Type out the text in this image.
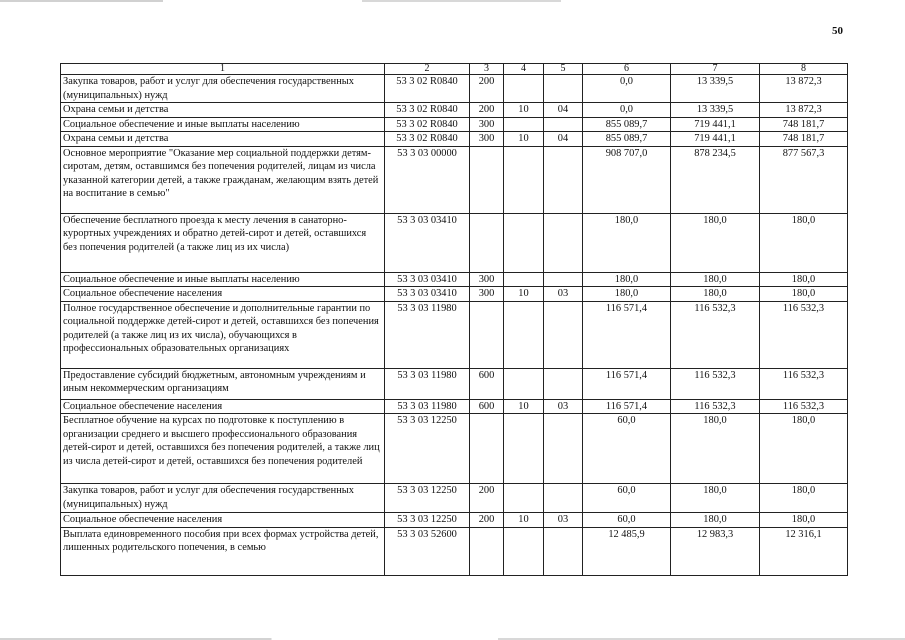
50
1	2	3	4	5	6	7	8
Закупка товаров, работ и услуг для обеспечения государственных (муниципальных) нужд	53 3 02 R0840	200			0,0	13 339,5	13 872,3
Охрана семьи и детства	53 3 02 R0840	200	10	04	0,0	13 339,5	13 872,3
Социальное обеспечение и иные выплаты населению	53 3 02 R0840	300			855 089,7	719 441,1	748 181,7
Охрана семьи и детства	53 3 02 R0840	300	10	04	855 089,7	719 441,1	748 181,7
Основное мероприятие "Оказание мер социальной поддержки детям-сиротам, детям, оставшимся без попечения родителей, лицам из числа указанной категории детей, а также гражданам, желающим взять детей на воспитание в семью"	53 3 03 00000				908 707,0	878 234,5	877 567,3
Обеспечение бесплатного проезда к месту лечения в санаторно-курортных учреждениях и обратно детей-сирот и детей, оставшихся без попечения родителей (а также лиц из их числа)	53 3 03 03410				180,0	180,0	180,0
Социальное обеспечение и иные выплаты населению	53 3 03 03410	300			180,0	180,0	180,0
Социальное обеспечение населения	53 3 03 03410	300	10	03	180,0	180,0	180,0
Полное государственное обеспечение и дополнительные гарантии по социальной поддержке детей-сирот и детей, оставшихся без попечения родителей (а также лиц из их числа), обучающихся в профессиональных образовательных организациях	53 3 03 11980				116 571,4	116 532,3	116 532,3
Предоставление субсидий бюджетным, автономным учреждениям и иным некоммерческим организациям	53 3 03 11980	600			116 571,4	116 532,3	116 532,3
Социальное обеспечение населения	53 3 03 11980	600	10	03	116 571,4	116 532,3	116 532,3
Бесплатное обучение на курсах по подготовке к поступлению в организации среднего и высшего профессионального образования детей-сирот и детей, оставшихся без попечения родителей, а также лиц из числа детей-сирот и детей, оставшихся без попечения родителей	53 3 03 12250				60,0	180,0	180,0
Закупка товаров, работ и услуг для обеспечения государственных (муниципальных) нужд	53 3 03 12250	200			60,0	180,0	180,0
Социальное обеспечение населения	53 3 03 12250	200	10	03	60,0	180,0	180,0
Выплата единовременного пособия при всех формах устройства детей, лишенных родительского попечения, в семью	53 3 03 52600				12 485,9	12 983,3	12 316,1
